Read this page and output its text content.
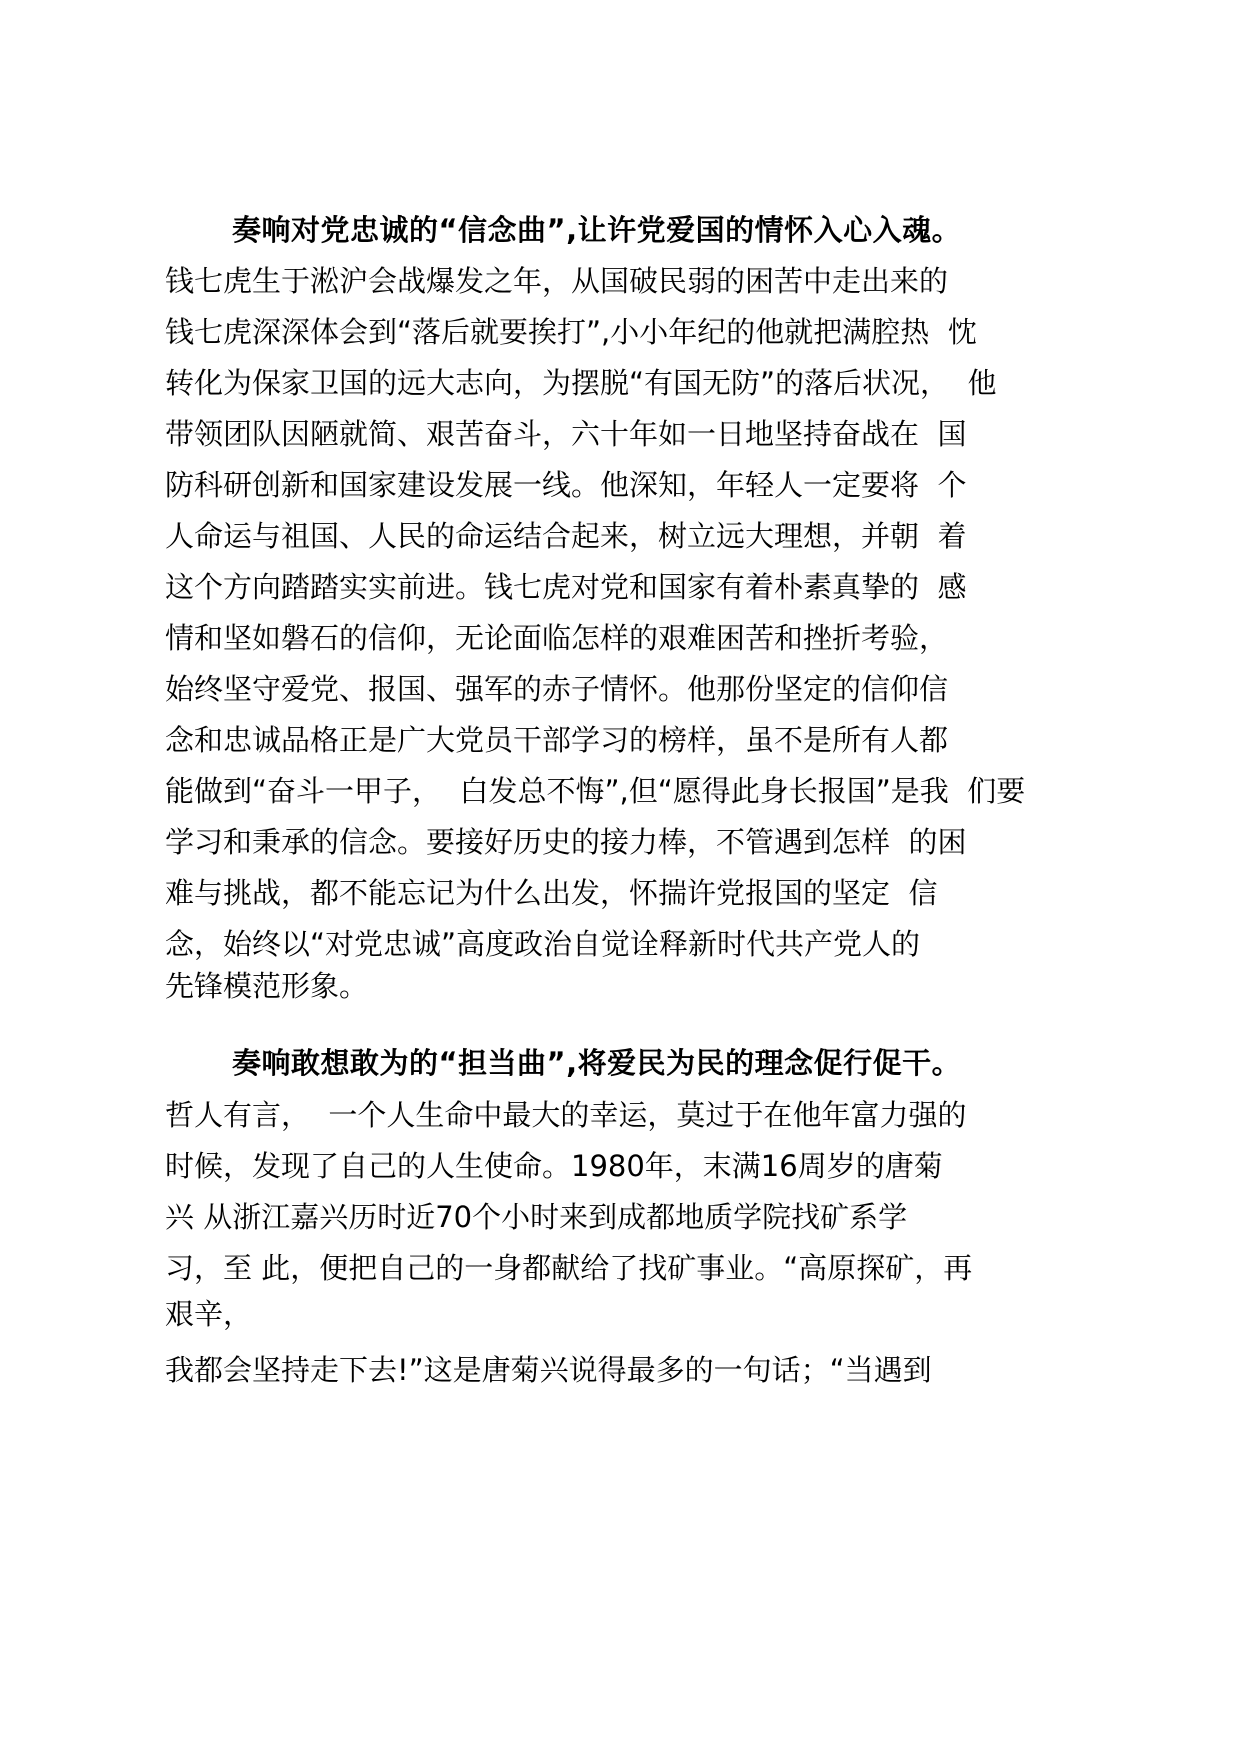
奏响对党忠诚的“信念曲”,让许党爱国的情怀入心入魂。
钱七虎生于淞沪会战爆发之年，从国破民弱的困苦中走出来的
钱七虎深深体会到“落后就要挨打”,小小年纪的他就把满腔热  忱
转化为保家卫国的远大志向，为摆脱“有国无防”的落后状况，  他
带领团队因陋就简、艰苦奋斗，六十年如一日地坚持奋战在  国
防科研创新和国家建设发展一线。他深知，年轻人一定要将  个
人命运与祖国、人民的命运结合起来，树立远大理想，并朝  着
这个方向踏踏实实前进。钱七虎对党和国家有着朴素真挚的  感
情和坚如磐石的信仰，无论面临怎样的艰难困苦和挫折考验，
始终坚守爱党、报国、强军的赤子情怀。他那份坚定的信仰信
念和忠诚品格正是广大党员干部学习的榜样，虽不是所有人都
能做到“奋斗一甲子，  白发总不悔”,但“愿得此身长报国”是我  们要
学习和秉承的信念。要接好历史的接力棒，不管遇到怎样  的困
难与挑战，都不能忘记为什么出发，怀揣许党报国的坚定  信
念，始终以“对党忠诚”高度政治自觉诠释新时代共产党人的
先锋模范形象。
奏响敢想敢为的“担当曲”,将爱民为民的理念促行促干。
哲人有言，  一个人生命中最大的幸运，莫过于在他年富力强的
时候，发现了自己的人生使命。1980年，末满16周岁的唐菊
兴 从浙江嘉兴历时近70个小时来到成都地质学院找矿系学
习，至 此，便把自己的一身都献给了找矿事业。“高原探矿，再
艰辛，
我都会坚持走下去!”这是唐菊兴说得最多的一句话；“当遇到
